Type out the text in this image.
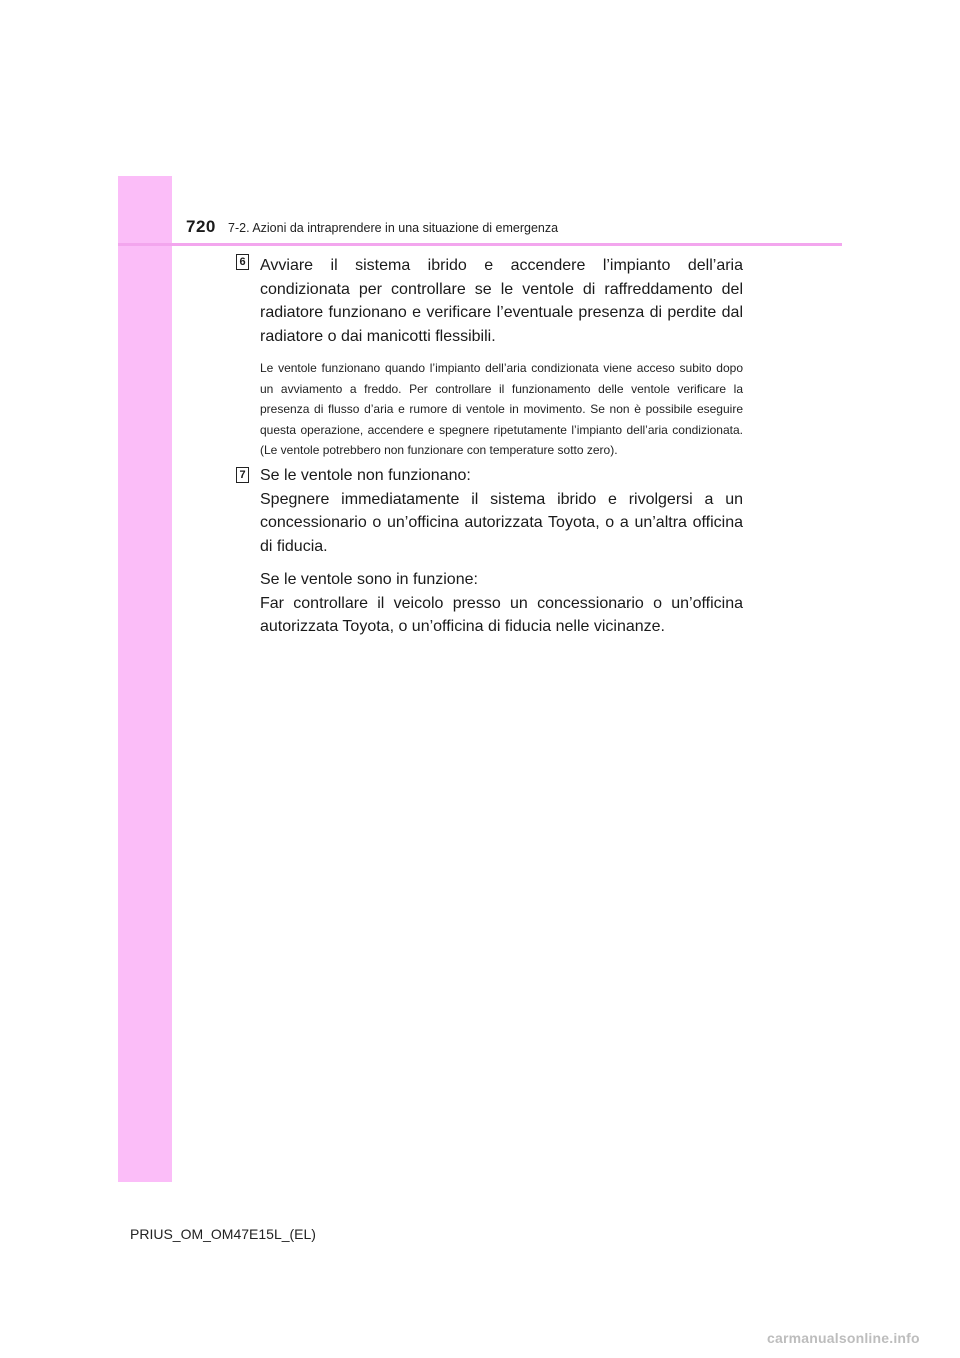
720 7-2. Azioni da intraprendere in una situazione di emergenza
6 Avviare il sistema ibrido e accendere l’impianto dell’aria condizionata per controllare se le ventole di raffreddamento del radiatore funzionano e verificare l’eventuale presenza di perdite dal radiatore o dai manicotti flessibili.

Le ventole funzionano quando l’impianto dell’aria condizionata viene acceso subito dopo un avviamento a freddo. Per controllare il funzionamento delle ventole verificare la presenza di flusso d’aria e rumore di ventole in movimento. Se non è possibile eseguire questa operazione, accendere e spegnere ripetutamente l’impianto dell’aria condizionata. (Le ventole potrebbero non funzionare con temperature sotto zero).

7 Se le ventole non funzionano:

Spegnere immediatamente il sistema ibrido e rivolgersi a un concessionario o un’officina autorizzata Toyota, o a un’altra officina di fiducia.

Se le ventole sono in funzione:

Far controllare il veicolo presso un concessionario o un’officina autorizzata Toyota, o un’officina di fiducia nelle vicinanze.

PRIUS_OM_OM47E15L_(EL)
carmanualsonline.info
